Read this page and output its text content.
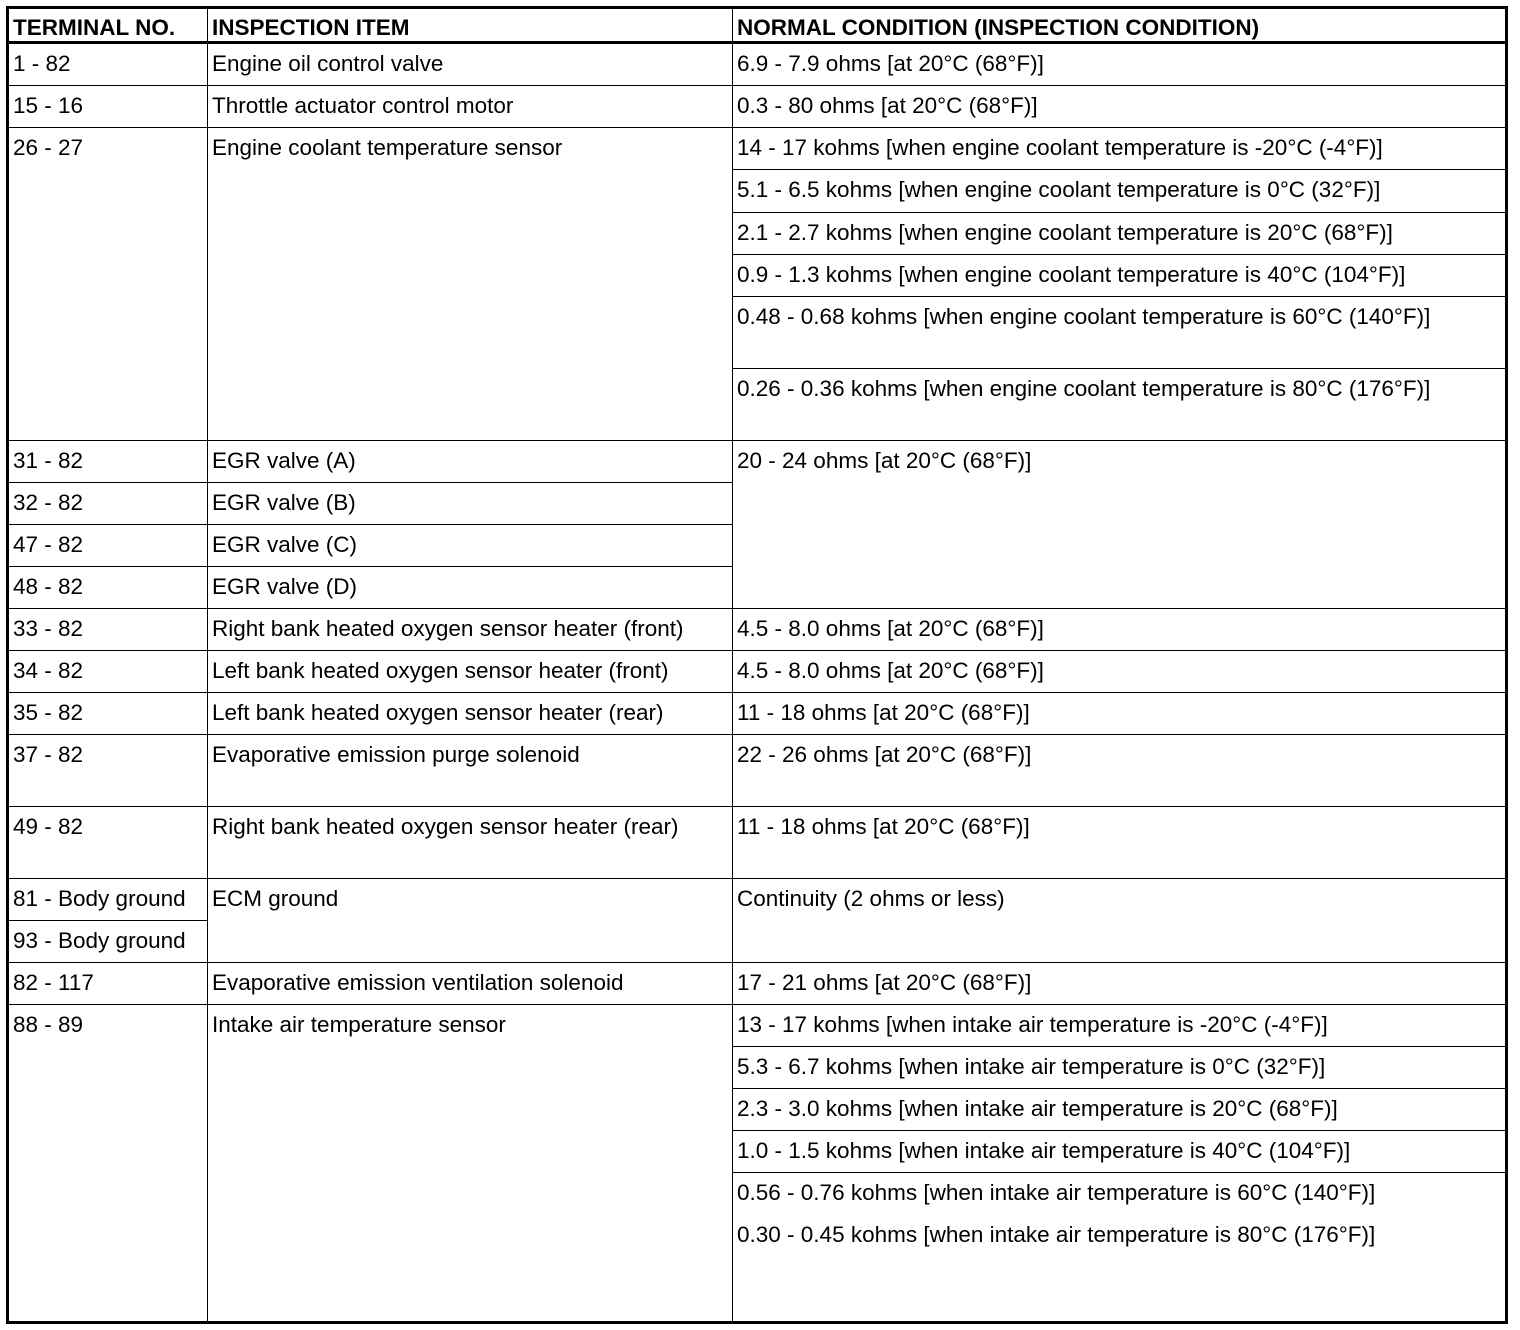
TERMINAL NO.	INSPECTION ITEM	NORMAL CONDITION (INSPECTION CONDITION)
1 - 82	Engine oil control valve	6.9 - 7.9 ohms [at 20°C (68°F)]
15 - 16	Throttle actuator control motor	0.3 - 80 ohms [at 20°C (68°F)]
26 - 27	Engine coolant temperature sensor	14 - 17 kohms [when engine coolant temperature is -20°C (-4°F)]
5.1 - 6.5 kohms [when engine coolant temperature is 0°C (32°F)]
2.1 - 2.7 kohms [when engine coolant temperature is 20°C (68°F)]
0.9 - 1.3 kohms [when engine coolant temperature is 40°C (104°F)]
0.48 - 0.68 kohms [when engine coolant temperature is 60°C (140°F)]
0.26 - 0.36 kohms [when engine coolant temperature is 80°C (176°F)]
31 - 82	EGR valve (A)	20 - 24 ohms [at 20°C (68°F)]
32 - 82	EGR valve (B)
47 - 82	EGR valve (C)
48 - 82	EGR valve (D)
33 - 82	Right bank heated oxygen sensor heater (front)	4.5 - 8.0 ohms [at 20°C (68°F)]
34 - 82	Left bank heated oxygen sensor heater (front)	4.5 - 8.0 ohms [at 20°C (68°F)]
35 - 82	Left bank heated oxygen sensor heater (rear)	11 - 18 ohms [at 20°C (68°F)]
37 - 82	Evaporative emission purge solenoid	22 - 26 ohms [at 20°C (68°F)]
49 - 82	Right bank heated oxygen sensor heater (rear)	11 - 18 ohms [at 20°C (68°F)]
81 - Body ground	ECM ground	Continuity (2 ohms or less)
93 - Body ground
82 - 117	Evaporative emission ventilation solenoid	17 - 21 ohms [at 20°C (68°F)]
88 - 89	Intake air temperature sensor	13 - 17 kohms [when intake air temperature is -20°C (-4°F)]
5.3 - 6.7 kohms [when intake air temperature is 0°C (32°F)]
2.3 - 3.0 kohms [when intake air temperature is 20°C (68°F)]
1.0 - 1.5 kohms [when intake air temperature is 40°C (104°F)]
0.56 - 0.76 kohms [when intake air temperature is 60°C (140°F)]
0.30 - 0.45 kohms [when intake air temperature is 80°C (176°F)]
